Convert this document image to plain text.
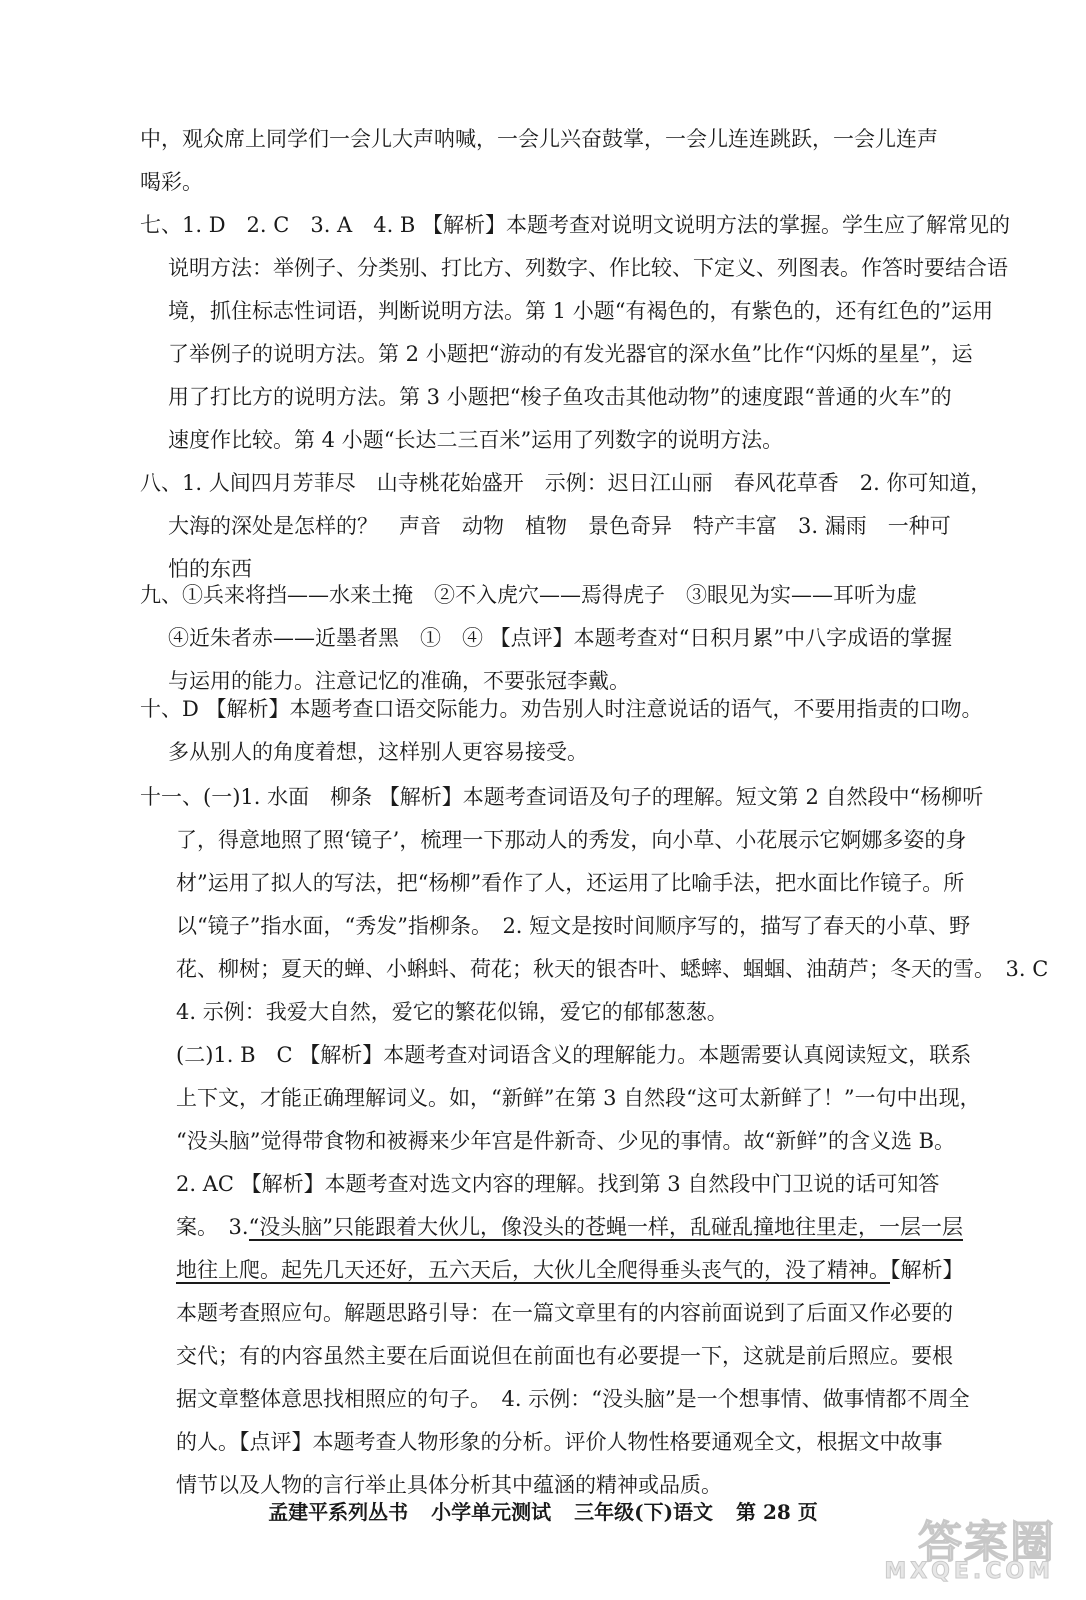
中，观众席上同学们一会儿大声呐喊，一会儿兴奋鼓掌，一会儿连连跳跃，一会儿连声
喝彩。
七、1. D　2. C　3. A　4. B 【解析】本题考查对说明文说明方法的掌握。学生应了解常见的
说明方法：举例子、分类别、打比方、列数字、作比较、下定义、列图表。作答时要结合语
境，抓住标志性词语，判断说明方法。第 1 小题“有褐色的，有紫色的，还有红色的”运用
了举例子的说明方法。第 2 小题把“游动的有发光器官的深水鱼”比作“闪烁的星星”，运
用了打比方的说明方法。第 3 小题把“梭子鱼攻击其他动物”的速度跟“普通的火车”的
速度作比较。第 4 小题“长达二三百米”运用了列数字的说明方法。
八、1. 人间四月芳菲尽　山寺桃花始盛开　示例：迟日江山丽　春风花草香　2. 你可知道，
大海的深处是怎样的？　声音　动物　植物　景色奇异　特产丰富　3. 漏雨　一种可
怕的东西
九、①兵来将挡——水来土掩　②不入虎穴——焉得虎子　③眼见为实——耳听为虚
④近朱者赤——近墨者黑　①　④ 【点评】本题考查对“日积月累”中八字成语的掌握
与运用的能力。注意记忆的准确，不要张冠李戴。
十、D 【解析】本题考查口语交际能力。劝告别人时注意说话的语气，不要用指责的口吻。
多从别人的角度着想，这样别人更容易接受。
十一、(一)1. 水面　柳条 【解析】本题考查词语及句子的理解。短文第 2 自然段中“杨柳听
了，得意地照了照‘镜子’，梳理一下那动人的秀发，向小草、小花展示它婀娜多姿的身
材”运用了拟人的写法，把“杨柳”看作了人，还运用了比喻手法，把水面比作镜子。所
以“镜子”指水面，“秀发”指柳条。　2. 短文是按时间顺序写的，描写了春天的小草、野
花、柳树；夏天的蝉、小蝌蚪、荷花；秋天的银杏叶、蟋蟀、蝈蝈、油葫芦；冬天的雪。　3. C
4. 示例：我爱大自然，爱它的繁花似锦，爱它的郁郁葱葱。
(二)1. B　C 【解析】本题考查对词语含义的理解能力。本题需要认真阅读短文，联系
上下文，才能正确理解词义。如，“新鲜”在第 3 自然段“这可太新鲜了！”一句中出现，
“没头脑”觉得带食物和被褥来少年宫是件新奇、少见的事情。故“新鲜”的含义选 B。
2. AC 【解析】本题考查对选文内容的理解。找到第 3 自然段中门卫说的话可知答
案。　3.“没头脑”只能跟着大伙儿，像没头的苍蝇一样，乱碰乱撞地往里走，一层一层
地往上爬。起先几天还好，五六天后，大伙儿全爬得垂头丧气的，没了精神。【解析】
本题考查照应句。解题思路引导：在一篇文章里有的内容前面说到了后面又作必要的
交代；有的内容虽然主要在后面说但在前面也有必要提一下，这就是前后照应。要根
据文章整体意思找相照应的句子。　4. 示例：“没头脑”是一个想事情、做事情都不周全
的人。【点评】本题考查人物形象的分析。评价人物性格要通观全文，根据文中故事
情节以及人物的言行举止具体分析其中蕴涵的精神或品质。
孟建平系列丛书 小学单元测试 三年级(下)语文 第 28 页
答案圈
MXQE.COM
